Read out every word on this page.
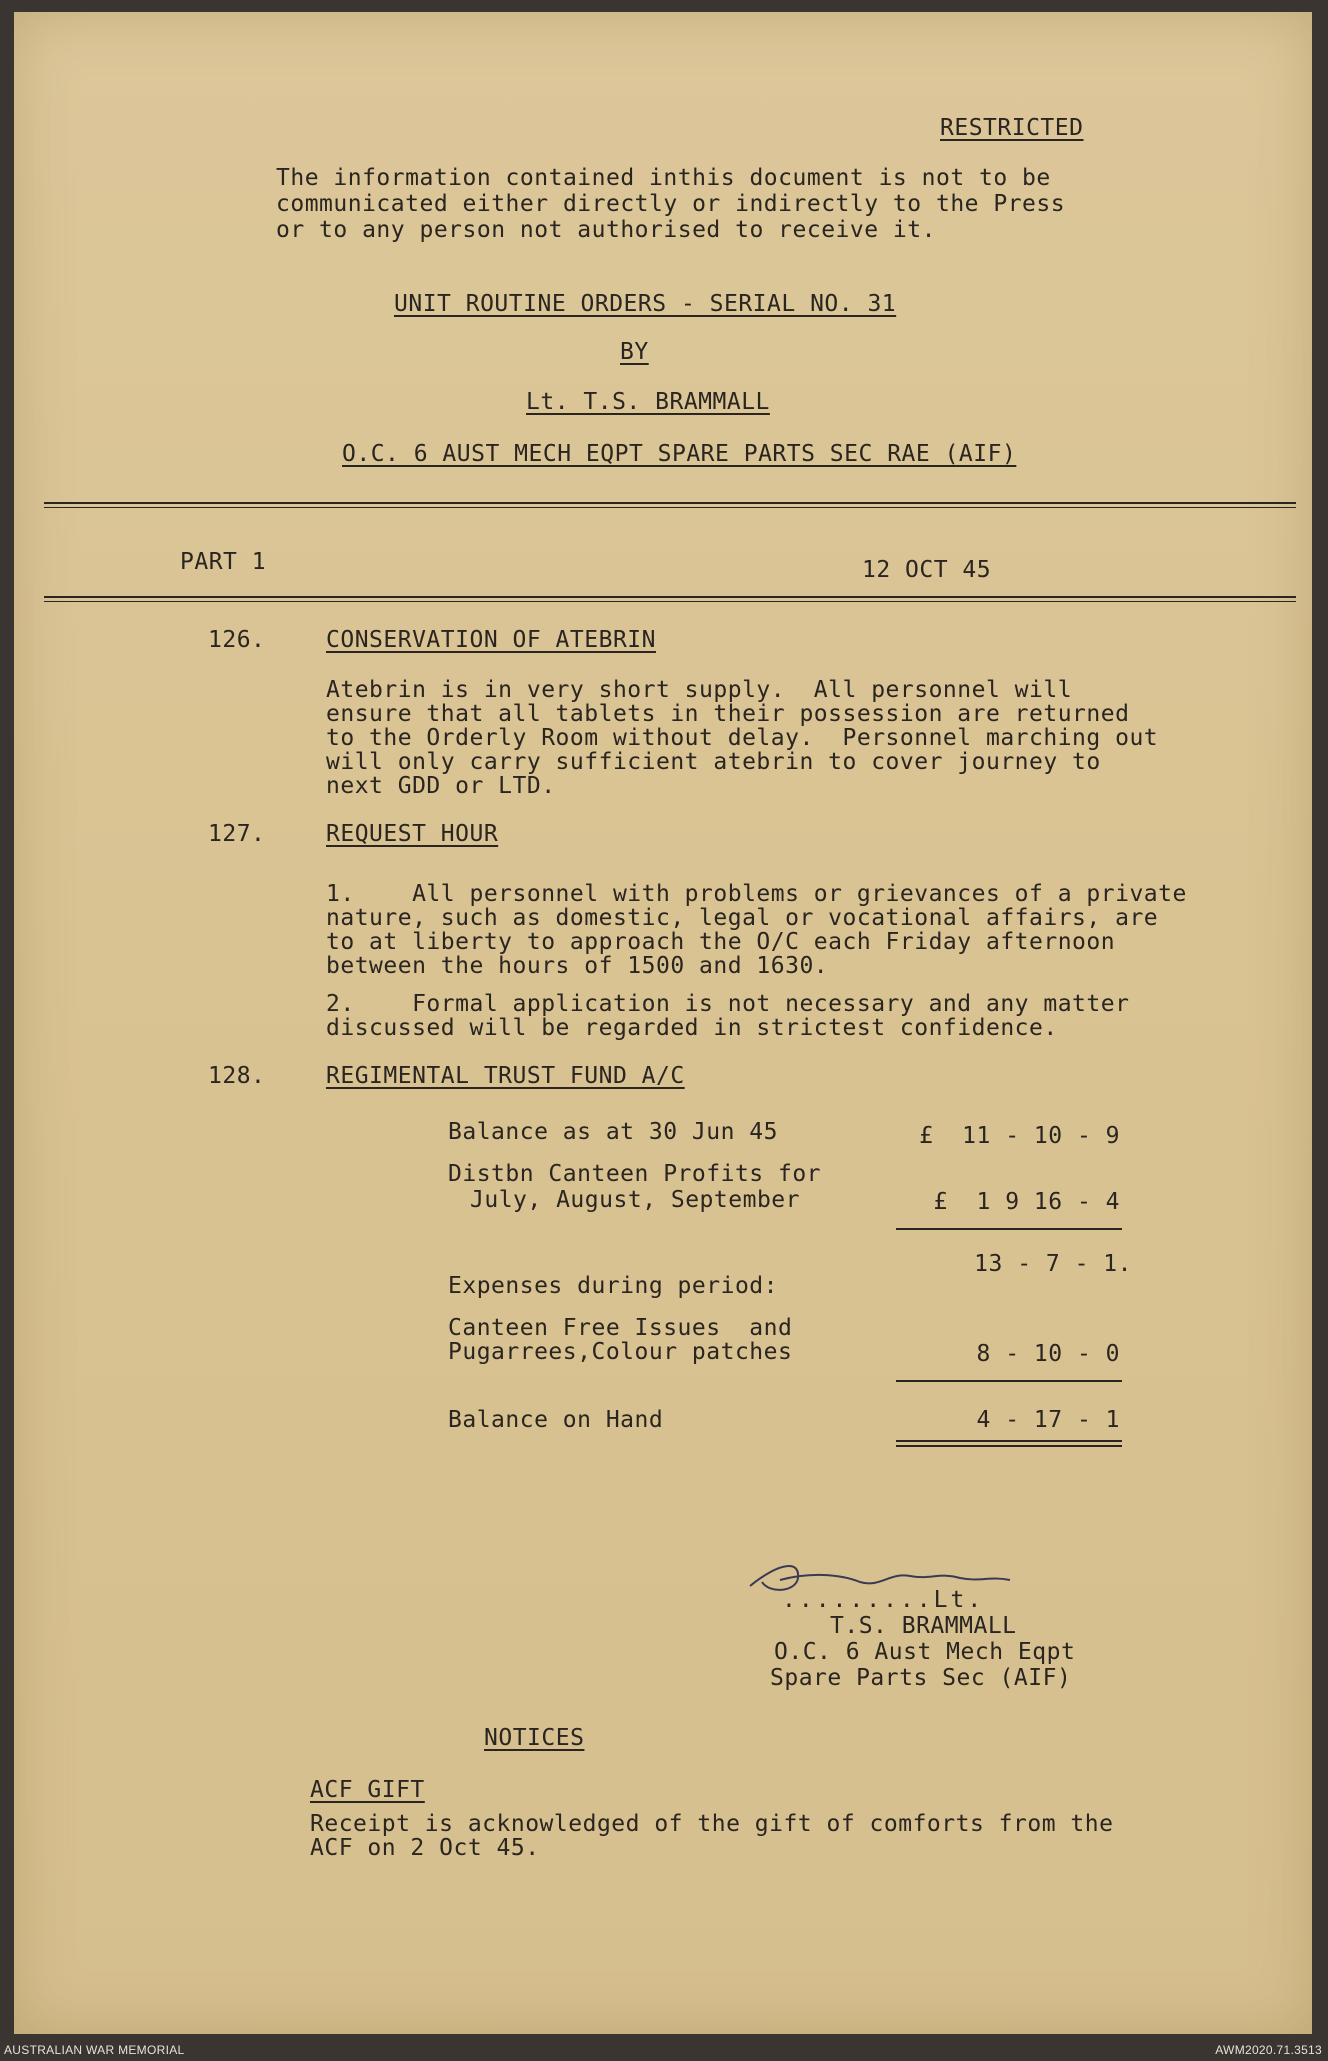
RESTRICTED
The information contained inthis document is not to be
communicated either directly or indirectly to the Press
or to any person not authorised to receive it.
UNIT ROUTINE ORDERS - SERIAL NO. 31
BY
Lt. T.S. BRAMMALL
O.C. 6 AUST MECH EQPT SPARE PARTS SEC RAE (AIF)
PART 1	12 OCT 45
126.	CONSERVATION OF ATEBRIN
Atebrin is in very short supply.  All personnel will
ensure that all tablets in their possession are returned
to the Orderly Room without delay.  Personnel marching out
will only carry sufficient atebrin to cover journey to
next GDD or LTD.
127.	REQUEST HOUR
1.    All personnel with problems or grievances of a private
nature, such as domestic, legal or vocational affairs, are
to at liberty to approach the O/C each Friday afternoon
between the hours of 1500 and 1630.
2.    Formal application is not necessary and any matter
discussed will be regarded in strictest confidence.
128.	REGIMENTAL TRUST FUND A/C
Balance as at 30 Jun 45	£  11 - 10 - 9
Distbn Canteen Profits for
July, August, September	£  1 9 16 - 4
13 - 7 - 1.
Expenses during period:
Canteen Free Issues  and
Pugarrees,Colour patches	8 - 10 - 0
Balance on Hand	4 - 17 - 1
.........Lt.
T.S. BRAMMALL
O.C. 6 Aust Mech Eqpt
Spare Parts Sec (AIF)
NOTICES
ACF GIFT
Receipt is acknowledged of the gift of comforts from the
ACF on 2 Oct 45.
AUSTRALIAN WAR MEMORIAL	AWM2020.71.3513
